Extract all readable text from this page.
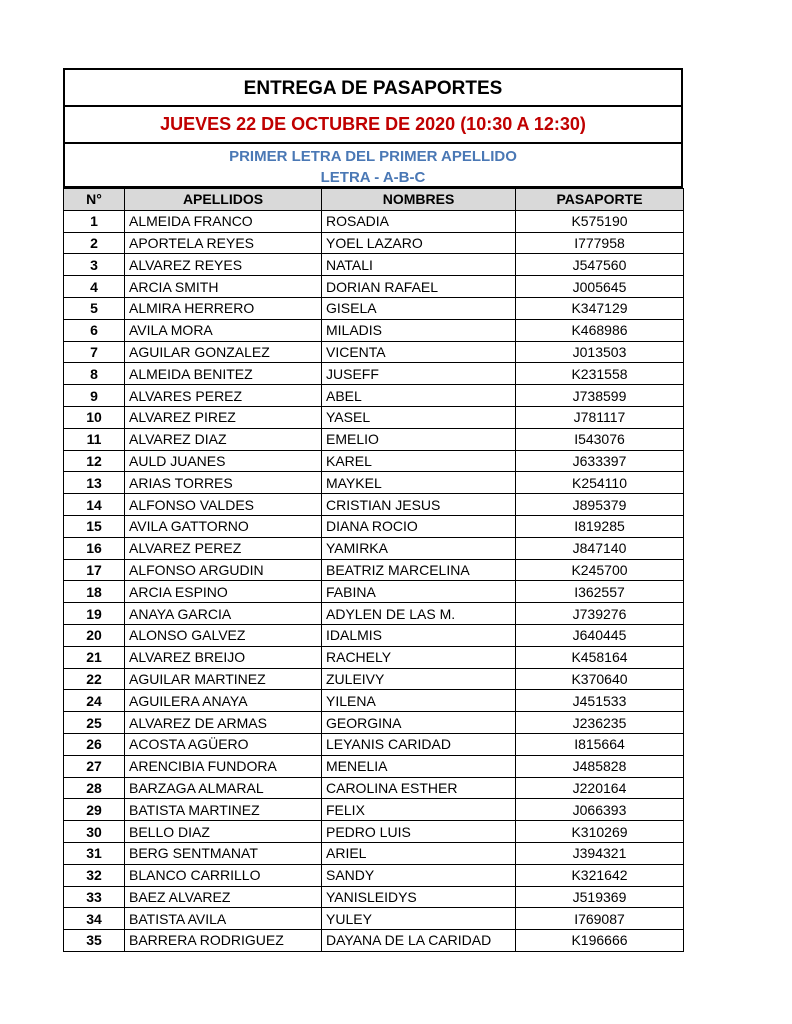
ENTREGA DE PASAPORTES
JUEVES 22 DE OCTUBRE DE 2020 (10:30 A 12:30)
PRIMER LETRA DEL PRIMER APELLIDO
LETRA - A-B-C
N°	APELLIDOS	NOMBRES	PASAPORTE
1	ALMEIDA FRANCO	ROSADIA	K575190
2	APORTELA REYES	YOEL LAZARO	I777958
3	ALVAREZ REYES	NATALI	J547560
4	ARCIA SMITH	DORIAN RAFAEL	J005645
5	ALMIRA HERRERO	GISELA	K347129
6	AVILA MORA	MILADIS	K468986
7	AGUILAR GONZALEZ	VICENTA	J013503
8	ALMEIDA BENITEZ	JUSEFF	K231558
9	ALVARES PEREZ	ABEL	J738599
10	ALVAREZ PIREZ	YASEL	J781117
11	ALVAREZ DIAZ	EMELIO	I543076
12	AULD JUANES	KAREL	J633397
13	ARIAS TORRES	MAYKEL	K254110
14	ALFONSO VALDES	CRISTIAN JESUS	J895379
15	AVILA GATTORNO	DIANA ROCIO	I819285
16	ALVAREZ PEREZ	YAMIRKA	J847140
17	ALFONSO ARGUDIN	BEATRIZ MARCELINA	K245700
18	ARCIA ESPINO	FABINA	I362557
19	ANAYA GARCIA	ADYLEN DE LAS M.	J739276
20	ALONSO GALVEZ	IDALMIS	J640445
21	ALVAREZ BREIJO	RACHELY	K458164
22	AGUILAR MARTINEZ	ZULEIVY	K370640
24	AGUILERA ANAYA	YILENA	J451533
25	ALVAREZ DE ARMAS	GEORGINA	J236235
26	ACOSTA AGÜERO	LEYANIS CARIDAD	I815664
27	ARENCIBIA FUNDORA	MENELIA	J485828
28	BARZAGA ALMARAL	CAROLINA ESTHER	J220164
29	BATISTA MARTINEZ	FELIX	J066393
30	BELLO DIAZ	PEDRO LUIS	K310269
31	BERG SENTMANAT	ARIEL	J394321
32	BLANCO CARRILLO	SANDY	K321642
33	BAEZ ALVAREZ	YANISLEIDYS	J519369
34	BATISTA AVILA	YULEY	I769087
35	BARRERA RODRIGUEZ	DAYANA DE LA CARIDAD	K196666
